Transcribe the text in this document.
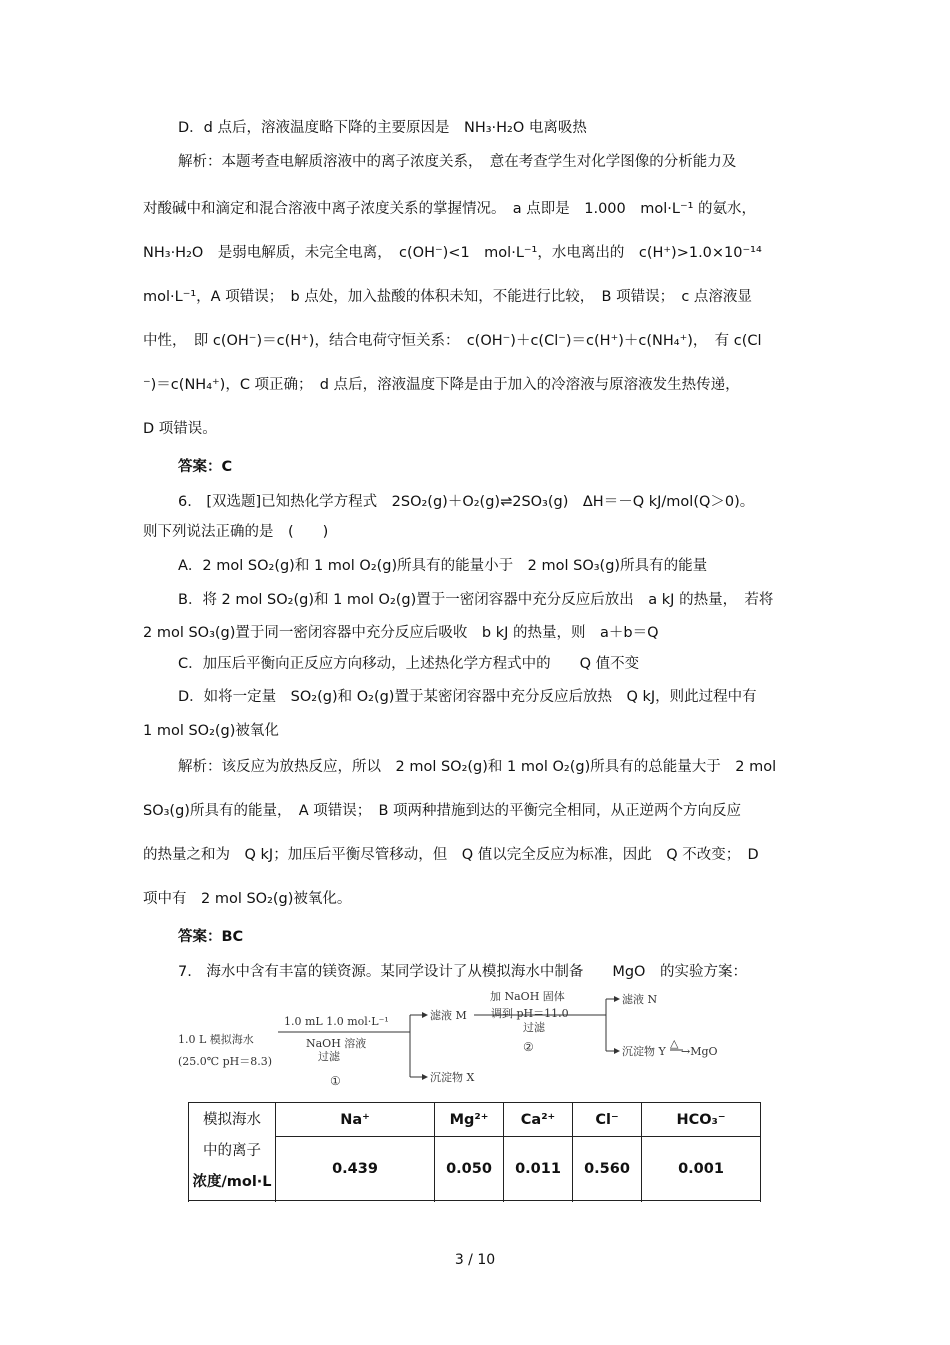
D．d 点后，溶液温度略下降的主要原因是　NH₃·H₂O 电离吸热
解析：本题考查电解质溶液中的离子浓度关系，　意在考查学生对化学图像的分析能力及
对酸碱中和滴定和混合溶液中离子浓度关系的掌握情况。　a 点即是　1.000　mol·L⁻¹ 的氨水，
NH₃·H₂O　是弱电解质，未完全电离，　c(OH⁻)<1　mol·L⁻¹，水电离出的　c(H⁺)>1.0×10⁻¹⁴
mol·L⁻¹，A 项错误；　b 点处，加入盐酸的体积未知，不能进行比较，　B 项错误；　c 点溶液显
中性，　即 c(OH⁻)＝c(H⁺)，结合电荷守恒关系：　c(OH⁻)＋c(Cl⁻)＝c(H⁺)＋c(NH₄⁺)，　有 c(Cl
⁻)＝c(NH₄⁺)，C 项正确；　d 点后，溶液温度下降是由于加入的冷溶液与原溶液发生热传递，
D 项错误。
答案：C
6.　[双选题]已知热化学方程式　2SO₂(g)＋O₂(g)⇌2SO₃(g)　ΔH＝－Q kJ/mol(Q＞0)。
则下列说法正确的是　(　　)
A．2 mol SO₂(g)和 1 mol O₂(g)所具有的能量小于　2 mol SO₃(g)所具有的能量
B．将 2 mol SO₂(g)和 1 mol O₂(g)置于一密闭容器中充分反应后放出　a kJ 的热量，　若将
2 mol SO₃(g)置于同一密闭容器中充分反应后吸收　b kJ 的热量，则　a＋b＝Q
C．加压后平衡向正反应方向移动，上述热化学方程式中的　　Q 值不变
D．如将一定量　SO₂(g)和 O₂(g)置于某密闭容器中充分反应后放热　Q kJ，则此过程中有
1 mol SO₂(g)被氧化
解析：该反应为放热反应，所以　2 mol SO₂(g)和 1 mol O₂(g)所具有的总能量大于　2 mol
SO₃(g)所具有的能量，　A 项错误；　B 项两种措施到达的平衡完全相同，从正逆两个方向反应
的热量之和为　Q kJ；加压后平衡尽管移动，但　Q 值以完全反应为标准，因此　Q 不改变；　D
项中有　2 mol SO₂(g)被氧化。
答案：BC
7.　海水中含有丰富的镁资源。某同学设计了从模拟海水中制备　　MgO　的实验方案：
1.0 L 模拟海水
(25.0℃ pH＝8.3)
1.0 mL 1.0 mol·L⁻¹
NaOH 溶液
过滤
①
滤液 M
沉淀物 X
加 NaOH 固体
调到 pH＝11.0
过滤
②
滤液 N
沉淀物 Y
△
→MgO
模拟海水
中的离子
浓度/mol·L	Na⁺	Mg²⁺	Ca²⁺	Cl⁻	HCO₃⁻
	0.439	0.050	0.011	0.560	0.001

3 / 10
